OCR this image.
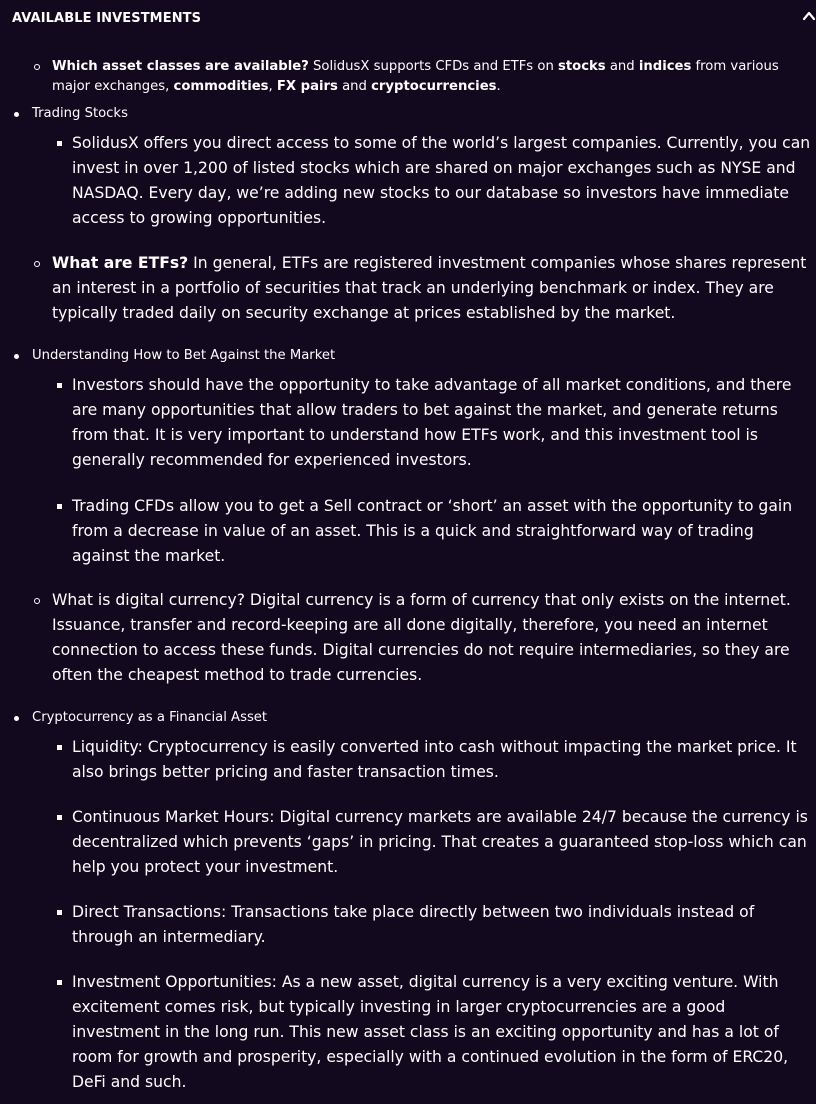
AVAILABLE INVESTMENTS

Which asset classes are available? SolidusX supports CFDs and ETFs on stocks and indices from various major exchanges, commodities, FX pairs and cryptocurrencies.

Trading Stocks

SolidusX offers you direct access to some of the world’s largest companies. Currently, you can invest in over 1,200 of listed stocks which are shared on major exchanges such as NYSE and NASDAQ. Every day, we’re adding new stocks to our database so investors have immediate access to growing opportunities.

What are ETFs? In general, ETFs are registered investment companies whose shares represent an interest in a portfolio of securities that track an underlying benchmark or index. They are typically traded daily on security exchange at prices established by the market.

Understanding How to Bet Against the Market

Investors should have the opportunity to take advantage of all market conditions, and there are many opportunities that allow traders to bet against the market, and generate returns from that. It is very important to understand how ETFs work, and this investment tool is generally recommended for experienced investors.

Trading CFDs allow you to get a Sell contract or ‘short’ an asset with the opportunity to gain from a decrease in value of an asset. This is a quick and straightforward way of trading against the market.

What is digital currency? Digital currency is a form of currency that only exists on the internet. Issuance, transfer and record-keeping are all done digitally, therefore, you need an internet connection to access these funds. Digital currencies do not require intermediaries, so they are often the cheapest method to trade currencies.

Cryptocurrency as a Financial Asset

Liquidity: Cryptocurrency is easily converted into cash without impacting the market price. It also brings better pricing and faster transaction times.

Continuous Market Hours: Digital currency markets are available 24/7 because the currency is decentralized which prevents ‘gaps’ in pricing. That creates a guaranteed stop-loss which can help you protect your investment.

Direct Transactions: Transactions take place directly between two individuals instead of through an intermediary.

Investment Opportunities: As a new asset, digital currency is a very exciting venture. With excitement comes risk, but typically investing in larger cryptocurrencies are a good investment in the long run. This new asset class is an exciting opportunity and has a lot of room for growth and prosperity, especially with a continued evolution in the form of ERC20, DeFi and such.
